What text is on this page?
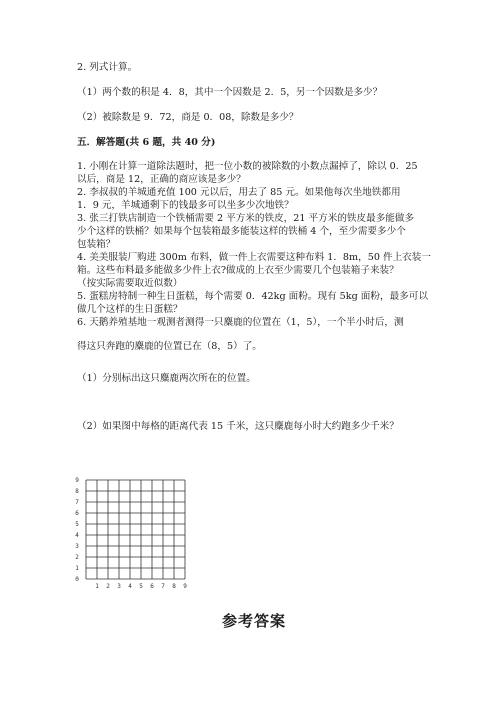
2. 列式计算。
（1）两个数的积是 4．8，其中一个因数是 2．5，另一个因数是多少？
（2）被除数是 9．72，商是 0．08，除数是多少？
五．解答题(共 6 题，共 40 分)
1. 小刚在计算一道除法题时，把一位小数的被除数的小数点漏掉了，除以 0．25
以后，商是 12，正确的商应该是多少？
2. 李叔叔的羊城通充值 100 元以后，用去了 85 元。如果他每次坐地铁都用
1．9 元，羊城通剩下的钱最多可以坐多少次地铁？
3. 张三打铁店制造一个铁桶需要 2 平方米的铁皮，21 平方米的铁皮最多能做多
少个这样的铁桶？如果每个包装箱最多能装这样的铁桶 4 个，至少需要多少个
包装箱？
4. 美美服装厂购进 300m 布料，做一件上衣需要这种布料 1．8m，50 件上衣装一
箱。这些布料最多能做多少件上衣?做成的上衣至少需要几个包装箱子来装？
（按实际需要取近似数）
5. 蛋糕房特制一种生日蛋糕，每个需要 0．42kg 面粉。现有 5kg 面粉，最多可以
做几个这样的生日蛋糕？
6. 天鹅养殖基地一观测者测得一只麋鹿的位置在（1，5），一个半小时后，测
得这只奔跑的麋鹿的位置已在（8，5）了。
（1）分别标出这只麋鹿两次所在的位置。
（2）如果图中每格的距离代表 15 千米，这只麋鹿每小时大约跑多少千米？
9
8
7
6
5
4
3
2
1
0
1 2 3 4 5 6 7 8 9
参考答案
